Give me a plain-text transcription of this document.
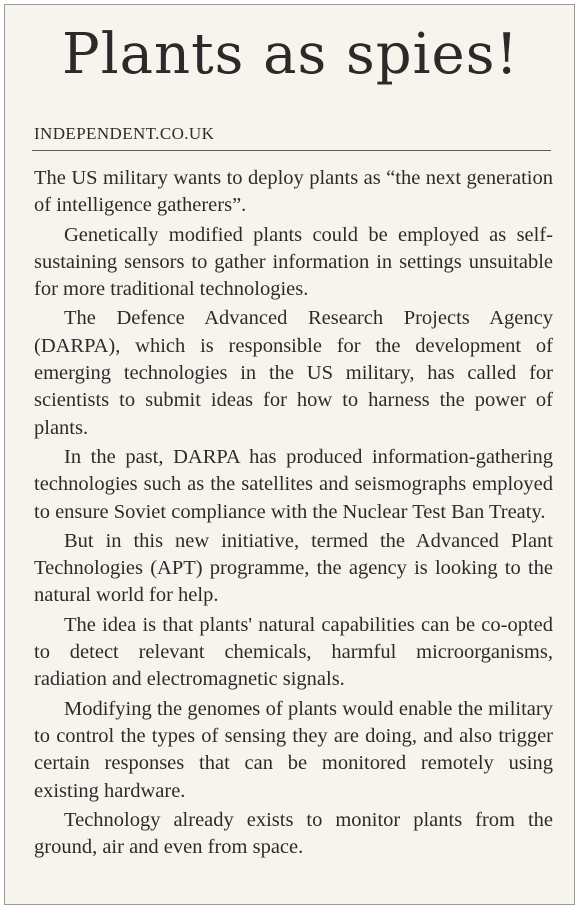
Plants as spies!
INDEPENDENT.CO.UK

The US military wants to deploy plants as “the next generation of intelligence gatherers”.

Genetically modified plants could be employed as self-sustaining sensors to gather information in settings unsuitable for more traditional technologies.

The Defence Advanced Research Projects Agency (DARPA), which is responsible for the development of emerging technologies in the US military, has called for scientists to submit ideas for how to harness the power of plants.

In the past, DARPA has produced information-gathering technologies such as the satellites and seismographs employed to ensure Soviet compliance with the Nuclear Test Ban Treaty.

But in this new initiative, termed the Advanced Plant Technologies (APT) programme, the agency is looking to the natural world for help.

The idea is that plants' natural capabilities can be co-opted to detect relevant chemicals, harmful microorganisms, radiation and electromagnetic signals.

Modifying the genomes of plants would enable the military to control the types of sensing they are doing, and also trigger certain responses that can be monitored remotely using existing hardware.

Technology already exists to monitor plants from the ground, air and even from space.
